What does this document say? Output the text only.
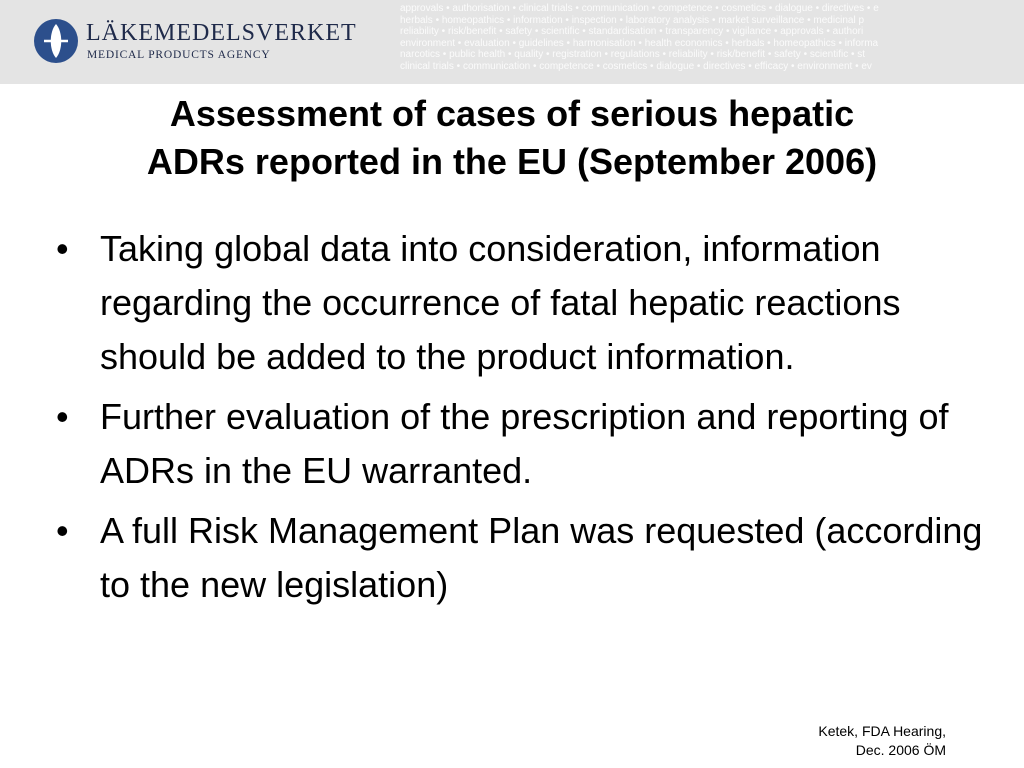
LÄKEMEDELSVERKET
MEDICAL PRODUCTS AGENCY
approvals • authorisation • clinical trials • communication • competence • cosmetics • dialogue • directives • e
herbals • homeopathics • information • inspection • laboratory analysis • market surveillance • medicinal p
reliability • risk/benefit • safety • scientific • standardisation • transparency • vigilance • approvals • authori
environment • evaluation • guidelines • harmonisation • health economics • herbals • homeopathics • informa
narcotics • public health • quality • registration • regulations • reliability • risk/benefit • safety • scientific • st
clinical trials • communication • competence • cosmetics • dialogue • directives • efficacy • environment • ev
Assessment of cases of serious hepatic
ADRs reported in the EU (September 2006)
• Taking global data into consideration, information regarding the occurrence of fatal hepatic reactions should be added to the product information.
• Further evaluation of the prescription and reporting of ADRs in the EU warranted.
• A full Risk Management Plan was requested (according to the new legislation)
Ketek, FDA Hearing,
Dec. 2006 ÖM
